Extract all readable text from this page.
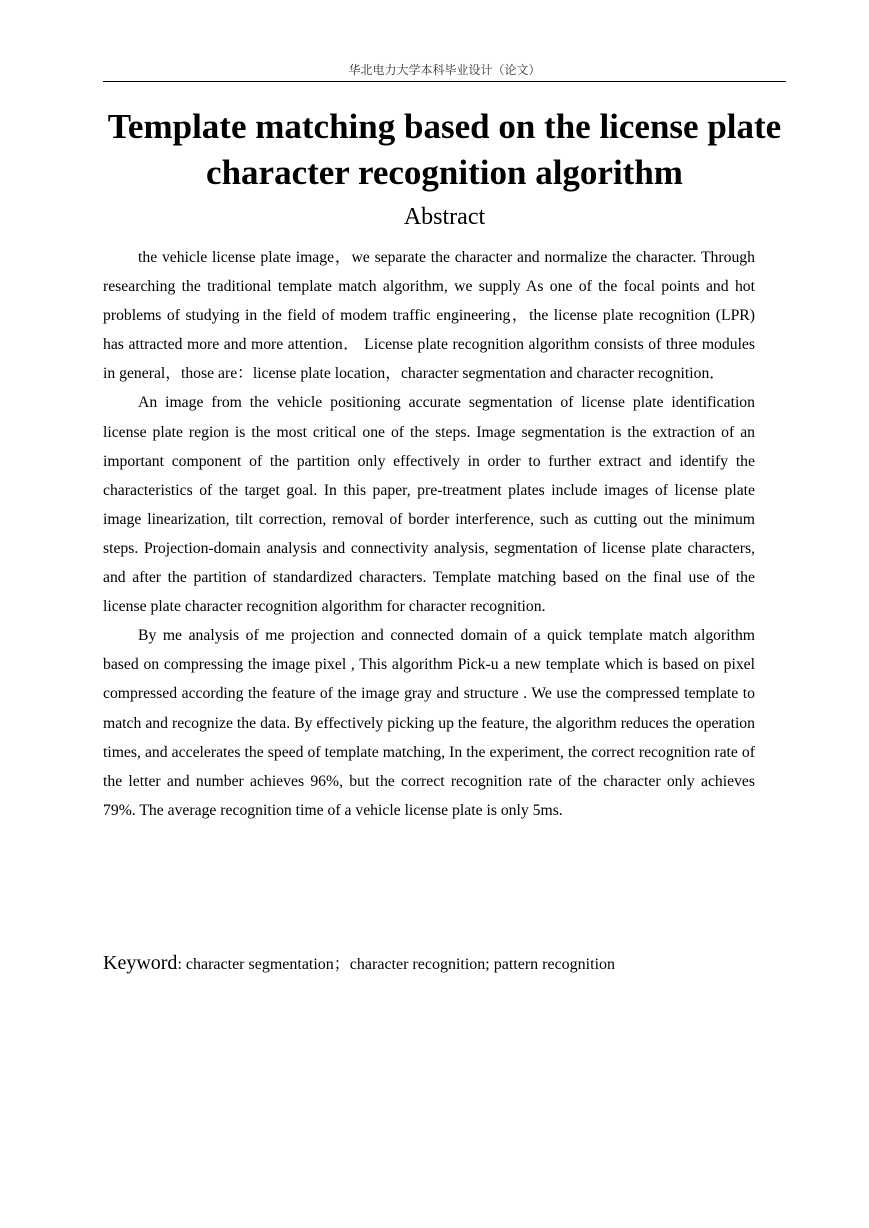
华北电力大学本科毕业设计（论文）
Template matching based on the license plate character recognition algorithm
Abstract

the vehicle license plate image，we separate the character and normalize the character. Through researching the traditional template match algorithm, we supply As one of the focal points and hot problems of studying in the field of modem traffic engineering，the license plate recognition (LPR) has attracted more and more attention． License plate recognition algorithm consists of three modules in general，those are：license plate location，character segmentation and character recognition．

An image from the vehicle positioning accurate segmentation of license plate identification license plate region is the most critical one of the steps. Image segmentation is the extraction of an important component of the partition only effectively in order to further extract and identify the characteristics of the target goal. In this paper, pre-treatment plates include images of license plate image linearization, tilt correction, removal of border interference, such as cutting out the minimum steps. Projection-domain analysis and connectivity analysis, segmentation of license plate characters, and after the partition of standardized characters. Template matching based on the final use of the license plate character recognition algorithm for character recognition.

By me analysis of me projection and connected domain of a quick template match algorithm based on compressing the image pixel , This algorithm Pick-u a new template which is based on pixel compressed according the feature of the image gray and structure . We use the compressed template to match and recognize the data. By effectively picking up the feature, the algorithm reduces the operation times, and accelerates the speed of template matching, In the experiment, the correct recognition rate of the letter and number achieves 96%, but the correct recognition rate of the character only achieves 79%. The average recognition time of a vehicle license plate is only 5ms.

Keyword: character segmentation；character recognition; pattern recognition
